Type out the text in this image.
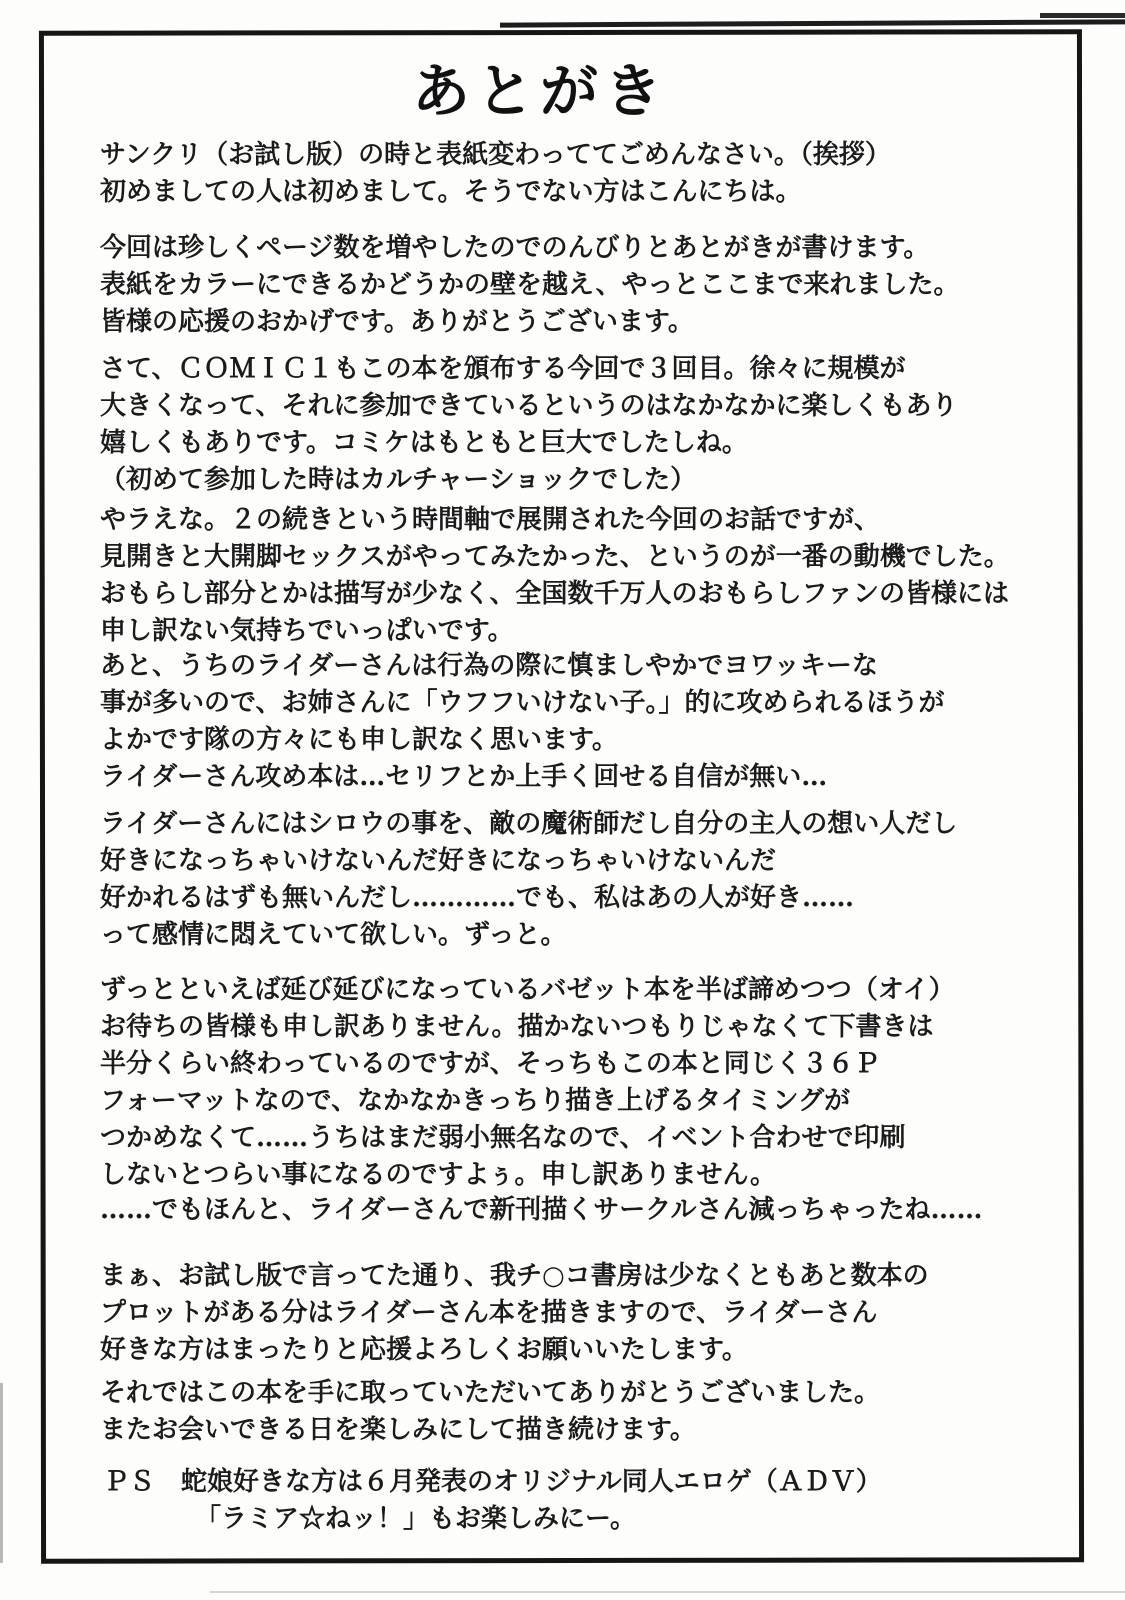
あとがき
サンクリ（お試し版）の時と表紙変わっててごめんなさい。（挨拶）
初めましての人は初めまして。そうでない方はこんにちは。
今回は珍しくページ数を増やしたのでのんびりとあとがきが書けます。
表紙をカラーにできるかどうかの壁を越え、やっとここまで来れました。
皆様の応援のおかげです。ありがとうございます。
さて、ＣＯＭＩＣ１もこの本を頒布する今回で３回目。徐々に規模が
大きくなって、それに参加できているというのはなかなかに楽しくもあり
嬉しくもありです。コミケはもともと巨大でしたしね。
（初めて参加した時はカルチャーショックでした）
やラえな。２の続きという時間軸で展開された今回のお話ですが、
見開きと大開脚セックスがやってみたかった、というのが一番の動機でした。
おもらし部分とかは描写が少なく、全国数千万人のおもらしファンの皆様には
申し訳ない気持ちでいっぱいです。
あと、うちのライダーさんは行為の際に慎ましやかでヨワッキーな
事が多いので、お姉さんに「ウフフいけない子。」的に攻められるほうが
よかです隊の方々にも申し訳なく思います。
ライダーさん攻め本は…セリフとか上手く回せる自信が無い…
ライダーさんにはシロウの事を、敵の魔術師だし自分の主人の想い人だし
好きになっちゃいけないんだ好きになっちゃいけないんだ
好かれるはずも無いんだし…………でも、私はあの人が好き……
って感情に悶えていて欲しい。ずっと。
ずっとといえば延び延びになっているバゼット本を半ば諦めつつ（オイ）
お待ちの皆様も申し訳ありません。描かないつもりじゃなくて下書きは
半分くらい終わっているのですが、そっちもこの本と同じく３６Ｐ
フォーマットなので、なかなかきっちり描き上げるタイミングが
つかめなくて……うちはまだ弱小無名なので、イベント合わせで印刷
しないとつらい事になるのですよぅ。申し訳ありません。
……でもほんと、ライダーさんで新刊描くサークルさん減っちゃったね……
まぁ、お試し版で言ってた通り、我チ○コ書房は少なくともあと数本の
プロットがある分はライダーさん本を描きますので、ライダーさん
好きな方はまったりと応援よろしくお願いいたします。
それではこの本を手に取っていただいてありがとうございました。
またお会いできる日を楽しみにして描き続けます。
ＰＳ　蛇娘好きな方は６月発表のオリジナル同人エロゲ（ＡＤＶ）
「ラミア☆ねッ！」もお楽しみにー。
